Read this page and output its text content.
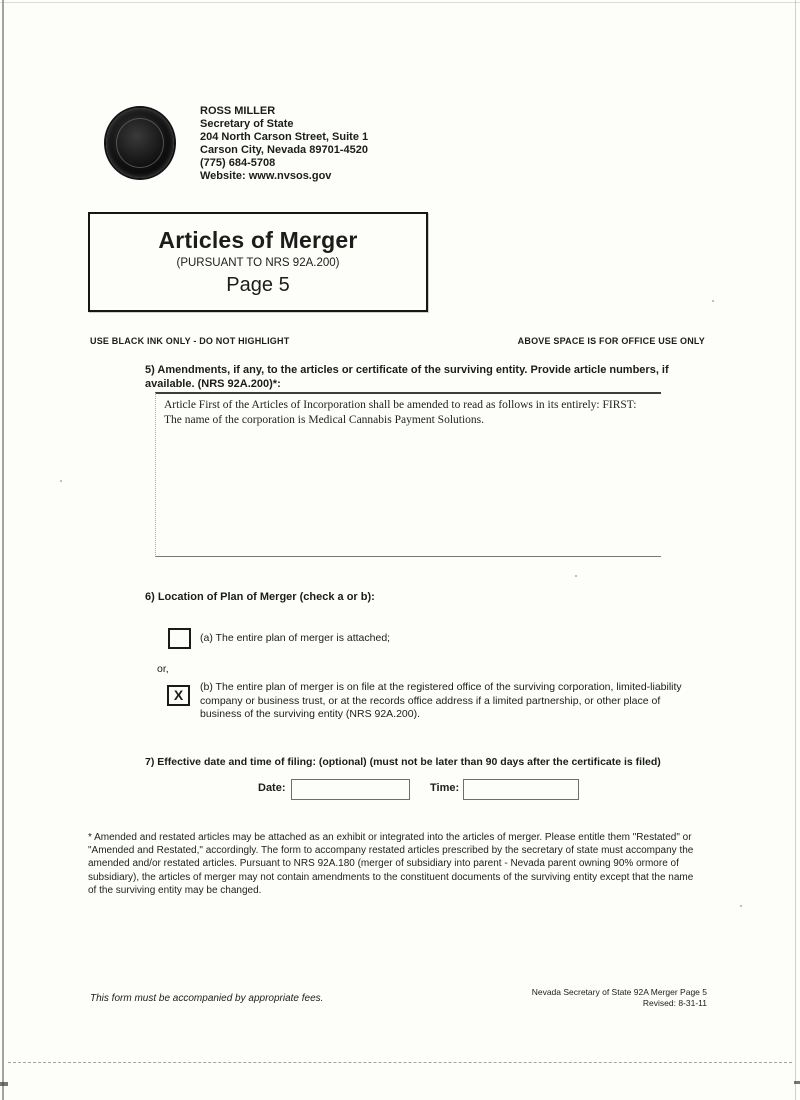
ROSS MILLER
Secretary of State
204 North Carson Street, Suite 1
Carson City, Nevada 89701-4520
(775) 684-5708
Website: www.nvsos.gov
Articles of Merger
(PURSUANT TO NRS 92A.200)
Page 5
USE BLACK INK ONLY - DO NOT HIGHLIGHT	ABOVE SPACE IS FOR OFFICE USE ONLY
5) Amendments, if any, to the articles or certificate of the surviving entity. Provide article numbers, if available. (NRS 92A.200)*:
Article First of the Articles of Incorporation shall be amended to read as follows in its entirely: FIRST: The name of the corporation is Medical Cannabis Payment Solutions.
6) Location of Plan of Merger (check a or b):
(a) The entire plan of merger is attached;
or,
X (b) The entire plan of merger is on file at the registered office of the surviving corporation, limited-liability company or business trust, or at the records office address if a limited partnership, or other place of business of the surviving entity (NRS 92A.200).
7) Effective date and time of filing: (optional) (must not be later than 90 days after the certificate is filed)
Date:	Time:
* Amended and restated articles may be attached as an exhibit or integrated into the articles of merger. Please entitle them "Restated" or "Amended and Restated," accordingly. The form to accompany restated articles prescribed by the secretary of state must accompany the amended and/or restated articles. Pursuant to NRS 92A.180 (merger of subsidiary into parent - Nevada parent owning 90% ormore of subsidiary), the articles of merger may not contain amendments to the constituent documents of the surviving entity except that the name of the surviving entity may be changed.
This form must be accompanied by appropriate fees.
Nevada Secretary of State 92A Merger Page 5
Revised: 8-31-11
